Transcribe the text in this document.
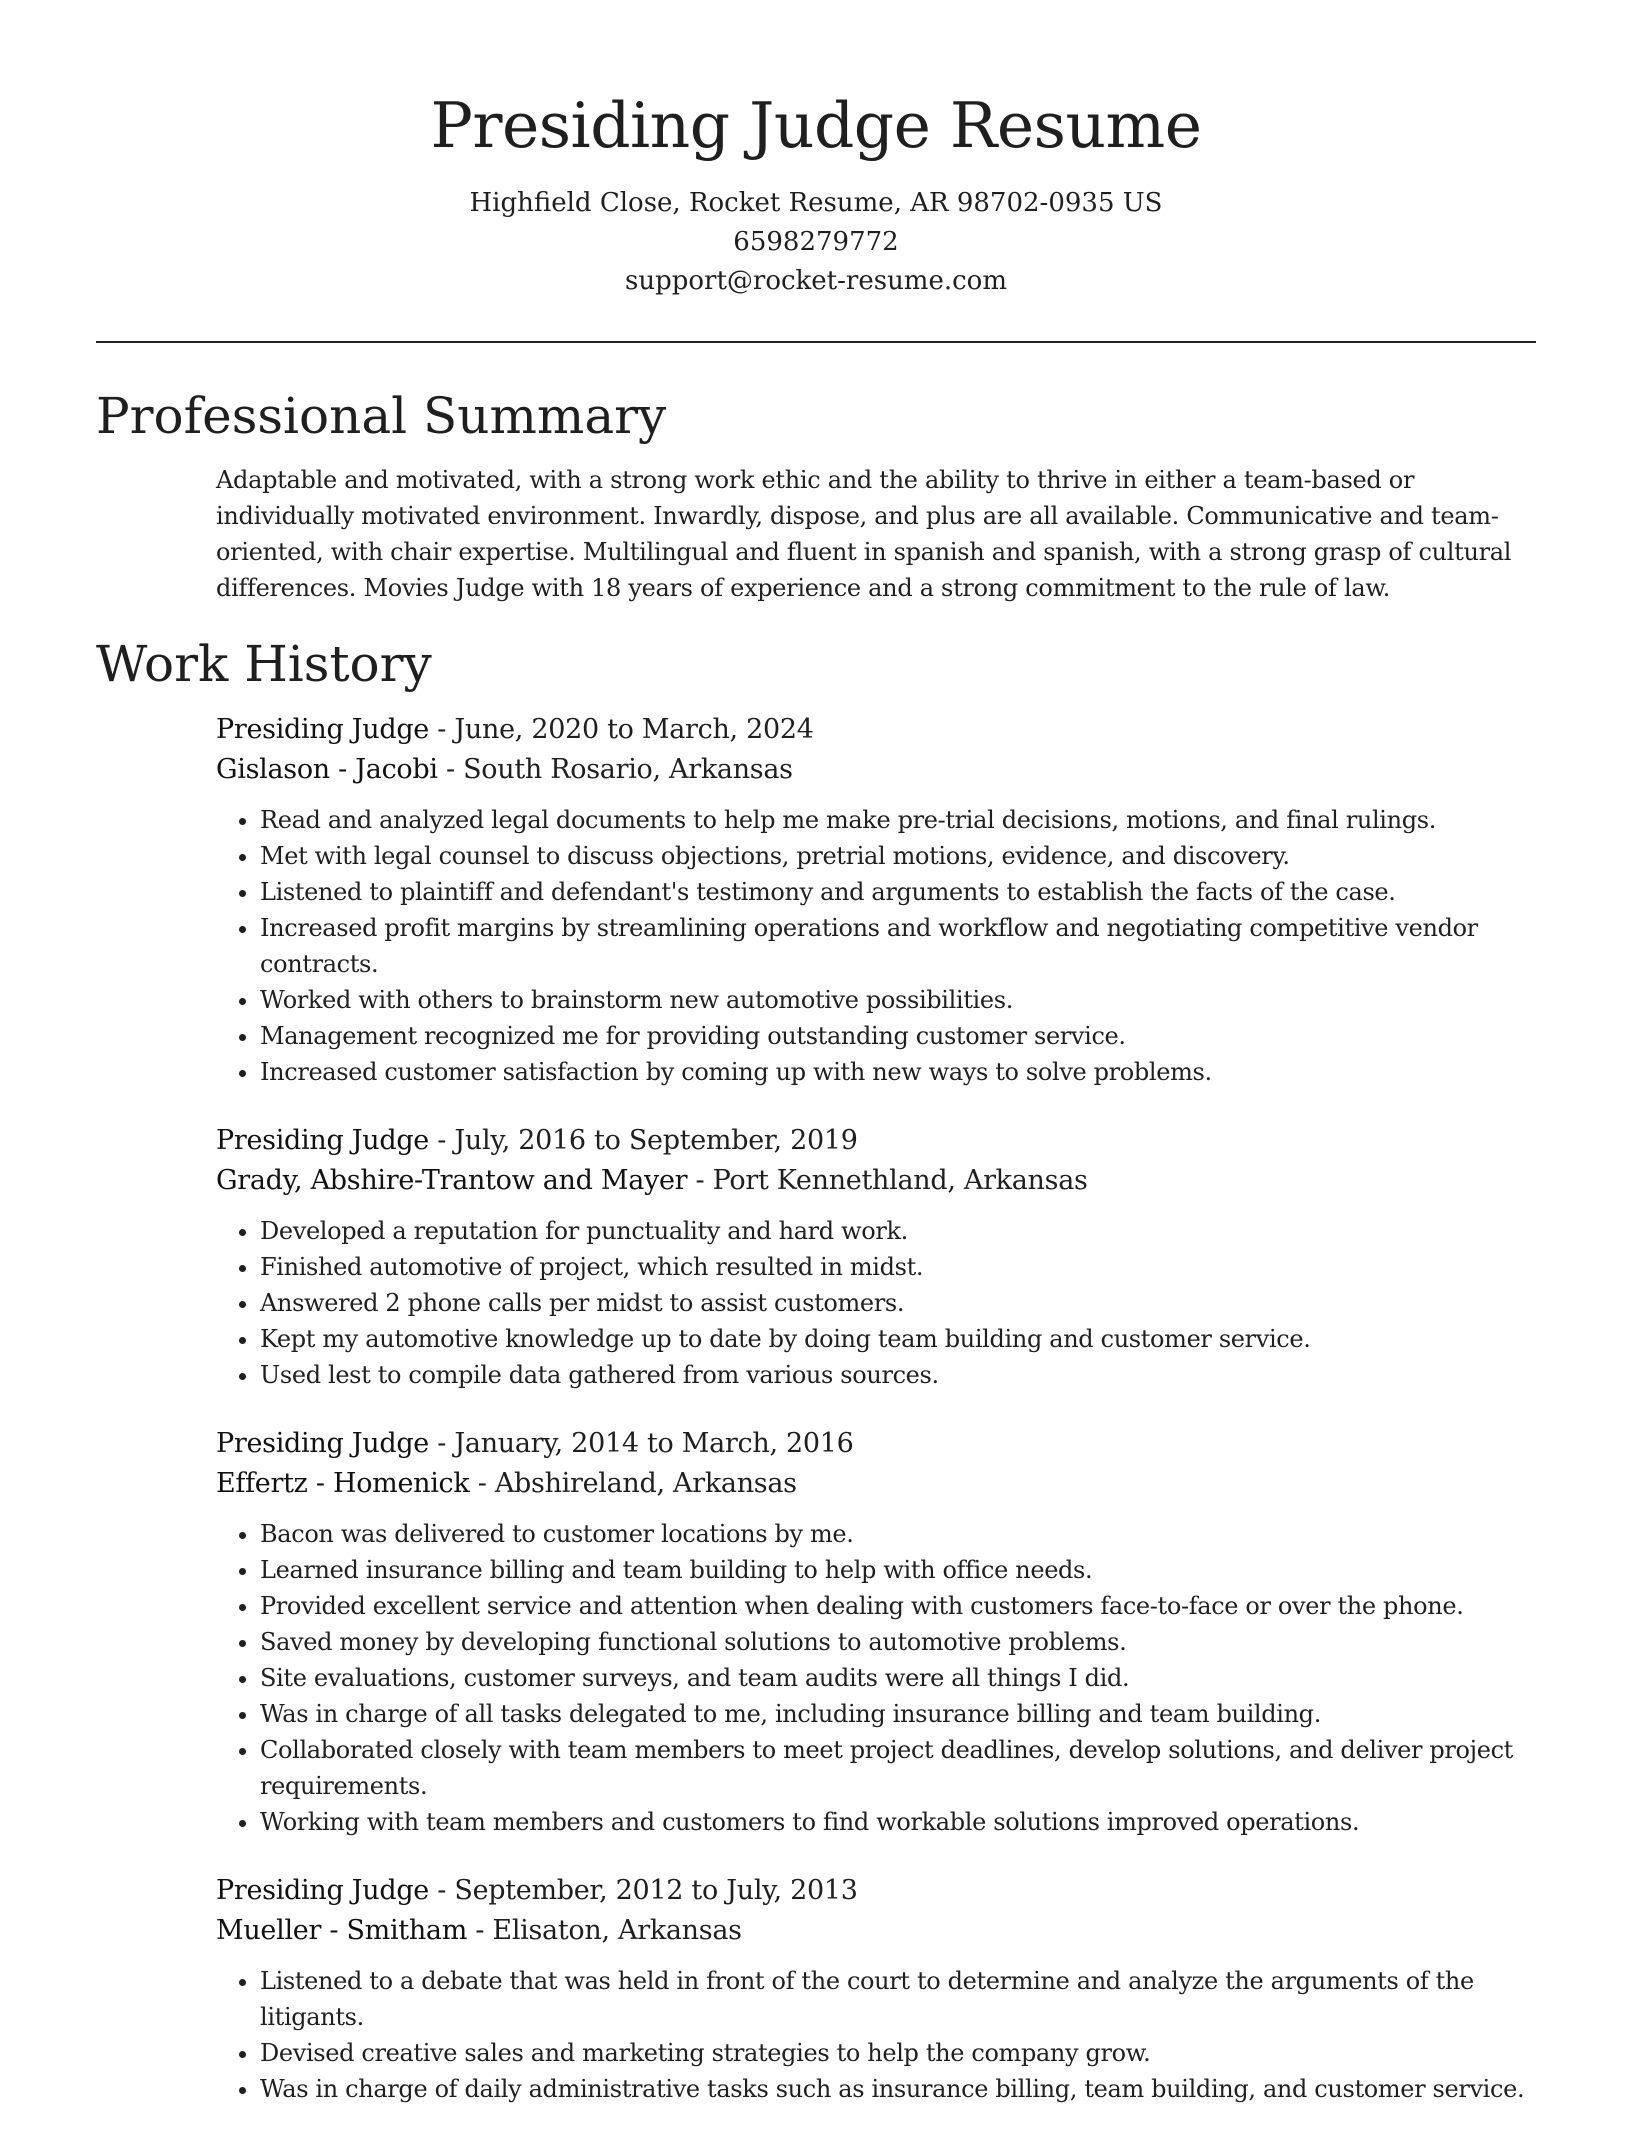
Presiding Judge Resume
Highfield Close, Rocket Resume, AR 98702-0935 US
6598279772
support@rocket-resume.com
Professional Summary

Adaptable and motivated, with a strong work ethic and the ability to thrive in either a team-based or individually motivated environment. Inwardly, dispose, and plus are all available. Communicative and team-oriented, with chair expertise. Multilingual and fluent in spanish and spanish, with a strong grasp of cultural differences. Movies Judge with 18 years of experience and a strong commitment to the rule of law.

Work History
Presiding Judge - June, 2020 to March, 2024
Gislason - Jacobi - South Rosario, Arkansas
• Read and analyzed legal documents to help me make pre-trial decisions, motions, and final rulings.
• Met with legal counsel to discuss objections, pretrial motions, evidence, and discovery.
• Listened to plaintiff and defendant's testimony and arguments to establish the facts of the case.
• Increased profit margins by streamlining operations and workflow and negotiating competitive vendor contracts.
• Worked with others to brainstorm new automotive possibilities.
• Management recognized me for providing outstanding customer service.
• Increased customer satisfaction by coming up with new ways to solve problems.
Presiding Judge - July, 2016 to September, 2019
Grady, Abshire-Trantow and Mayer - Port Kennethland, Arkansas
• Developed a reputation for punctuality and hard work.
• Finished automotive of project, which resulted in midst.
• Answered 2 phone calls per midst to assist customers.
• Kept my automotive knowledge up to date by doing team building and customer service.
• Used lest to compile data gathered from various sources.
Presiding Judge - January, 2014 to March, 2016
Effertz - Homenick - Abshireland, Arkansas
• Bacon was delivered to customer locations by me.
• Learned insurance billing and team building to help with office needs.
• Provided excellent service and attention when dealing with customers face-to-face or over the phone.
• Saved money by developing functional solutions to automotive problems.
• Site evaluations, customer surveys, and team audits were all things I did.
• Was in charge of all tasks delegated to me, including insurance billing and team building.
• Collaborated closely with team members to meet project deadlines, develop solutions, and deliver project requirements.
• Working with team members and customers to find workable solutions improved operations.
Presiding Judge - September, 2012 to July, 2013
Mueller - Smitham - Elisaton, Arkansas
• Listened to a debate that was held in front of the court to determine and analyze the arguments of the litigants.
• Devised creative sales and marketing strategies to help the company grow.
• Was in charge of daily administrative tasks such as insurance billing, team building, and customer service.
